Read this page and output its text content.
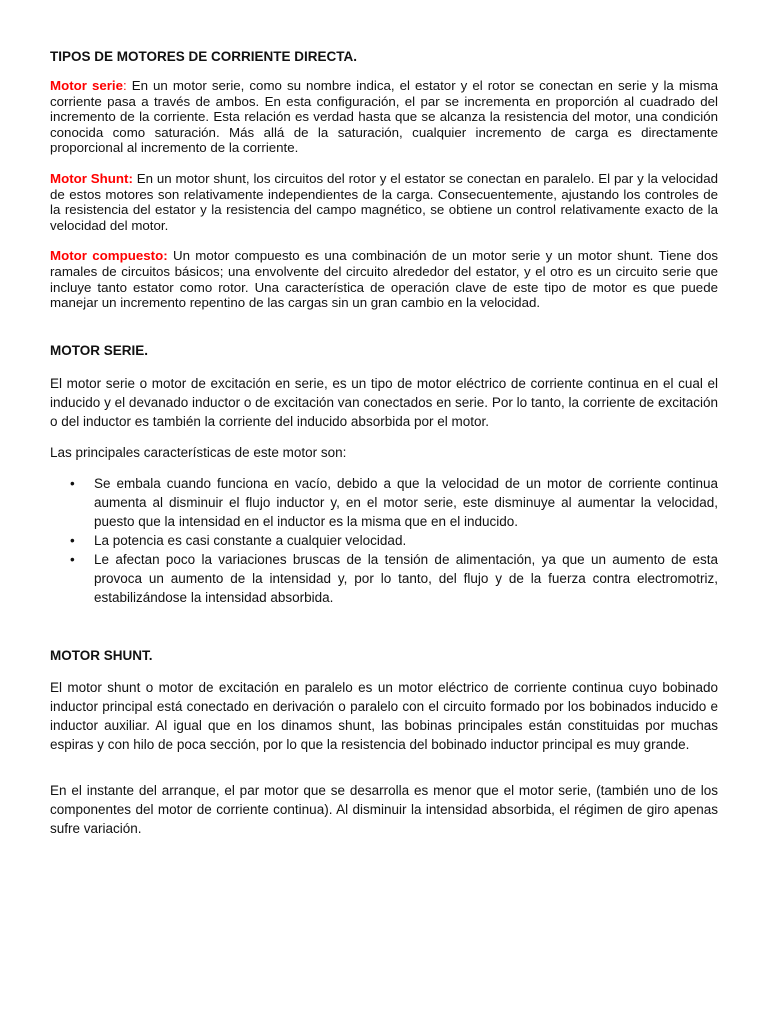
TIPOS DE MOTORES DE CORRIENTE DIRECTA.

Motor serie: En un motor serie, como su nombre indica, el estator y el rotor se conectan en serie y la misma corriente pasa a través de ambos. En esta configuración, el par se incrementa en proporción al cuadrado del incremento de la corriente. Esta relación es verdad hasta que se alcanza la resistencia del motor, una condición conocida como saturación. Más allá de la saturación, cualquier incremento de carga es directamente proporcional al incremento de la corriente.

Motor Shunt: En un motor shunt, los circuitos del rotor y el estator se conectan en paralelo. El par y la velocidad de estos motores son relativamente independientes de la carga. Consecuentemente, ajustando los controles de la resistencia del estator y la resistencia del campo magnético, se obtiene un control relativamente exacto de la velocidad del motor.

Motor compuesto: Un motor compuesto es una combinación de un motor serie y un motor shunt. Tiene dos ramales de circuitos básicos; una envolvente del circuito alrededor del estator, y el otro es un circuito serie que incluye tanto estator como rotor. Una característica de operación clave de este tipo de motor es que puede manejar un incremento repentino de las cargas sin un gran cambio en la velocidad.

MOTOR SERIE.

El motor serie o motor de excitación en serie, es un tipo de motor eléctrico de corriente continua en el cual el inducido y el devanado inductor o de excitación van conectados en serie. Por lo tanto, la corriente de excitación o del inductor es también la corriente del inducido absorbida por el motor.

Las principales características de este motor son:

• Se embala cuando funciona en vacío, debido a que la velocidad de un motor de corriente continua aumenta al disminuir el flujo inductor y, en el motor serie, este disminuye al aumentar la velocidad, puesto que la intensidad en el inductor es la misma que en el inducido.
• La potencia es casi constante a cualquier velocidad.
• Le afectan poco la variaciones bruscas de la tensión de alimentación, ya que un aumento de esta provoca un aumento de la intensidad y, por lo tanto, del flujo y de la fuerza contra electromotriz, estabilizándose la intensidad absorbida.

MOTOR SHUNT.

El motor shunt o motor de excitación en paralelo es un motor eléctrico de corriente continua cuyo bobinado inductor principal está conectado en derivación o paralelo con el circuito formado por los bobinados inducido e inductor auxiliar. Al igual que en los dinamos shunt, las bobinas principales están constituidas por muchas espiras y con hilo de poca sección, por lo que la resistencia del bobinado inductor principal es muy grande.

En el instante del arranque, el par motor que se desarrolla es menor que el motor serie, (también uno de los componentes del motor de corriente continua). Al disminuir la intensidad absorbida, el régimen de giro apenas sufre variación.
